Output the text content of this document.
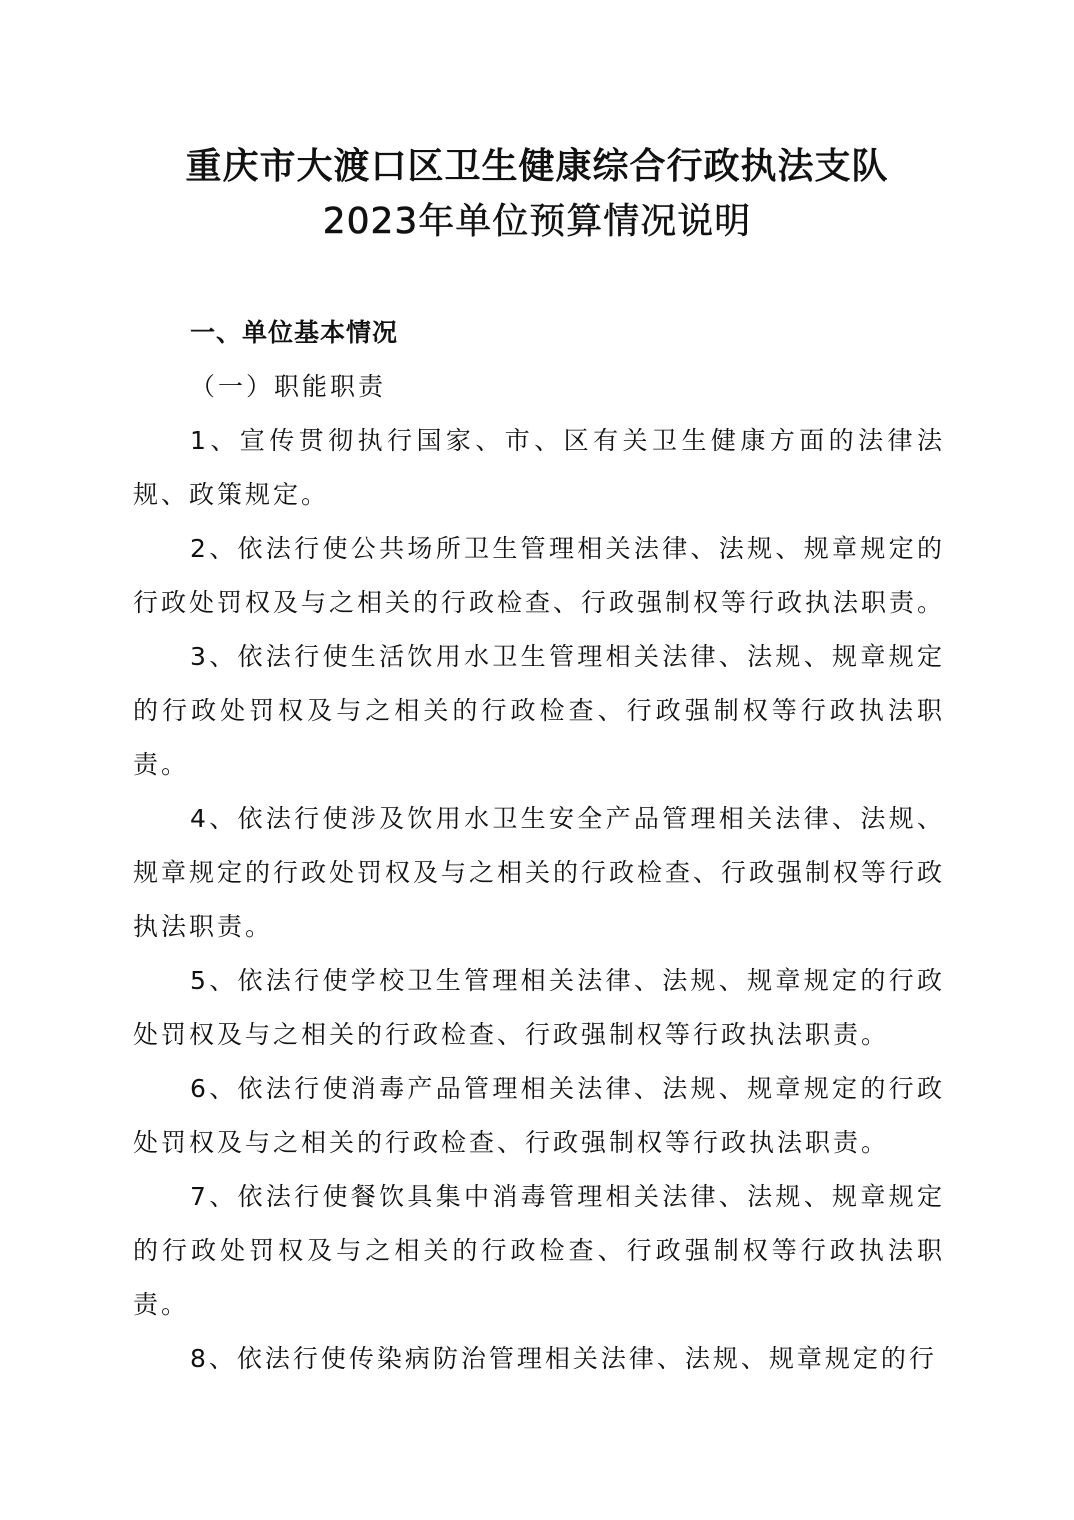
重庆市大渡口区卫生健康综合行政执法支队
2023年单位预算情况说明

一、单位基本情况

（一）职能职责

1、宣传贯彻执行国家、市、区有关卫生健康方面的法律法规、政策规定。

2、依法行使公共场所卫生管理相关法律、法规、规章规定的行政处罚权及与之相关的行政检查、行政强制权等行政执法职责。

3、依法行使生活饮用水卫生管理相关法律、法规、规章规定的行政处罚权及与之相关的行政检查、行政强制权等行政执法职责。

4、依法行使涉及饮用水卫生安全产品管理相关法律、法规、规章规定的行政处罚权及与之相关的行政检查、行政强制权等行政执法职责。

5、依法行使学校卫生管理相关法律、法规、规章规定的行政处罚权及与之相关的行政检查、行政强制权等行政执法职责。

6、依法行使消毒产品管理相关法律、法规、规章规定的行政处罚权及与之相关的行政检查、行政强制权等行政执法职责。

7、依法行使餐饮具集中消毒管理相关法律、法规、规章规定的行政处罚权及与之相关的行政检查、行政强制权等行政执法职责。

8、依法行使传染病防治管理相关法律、法规、规章规定的行
